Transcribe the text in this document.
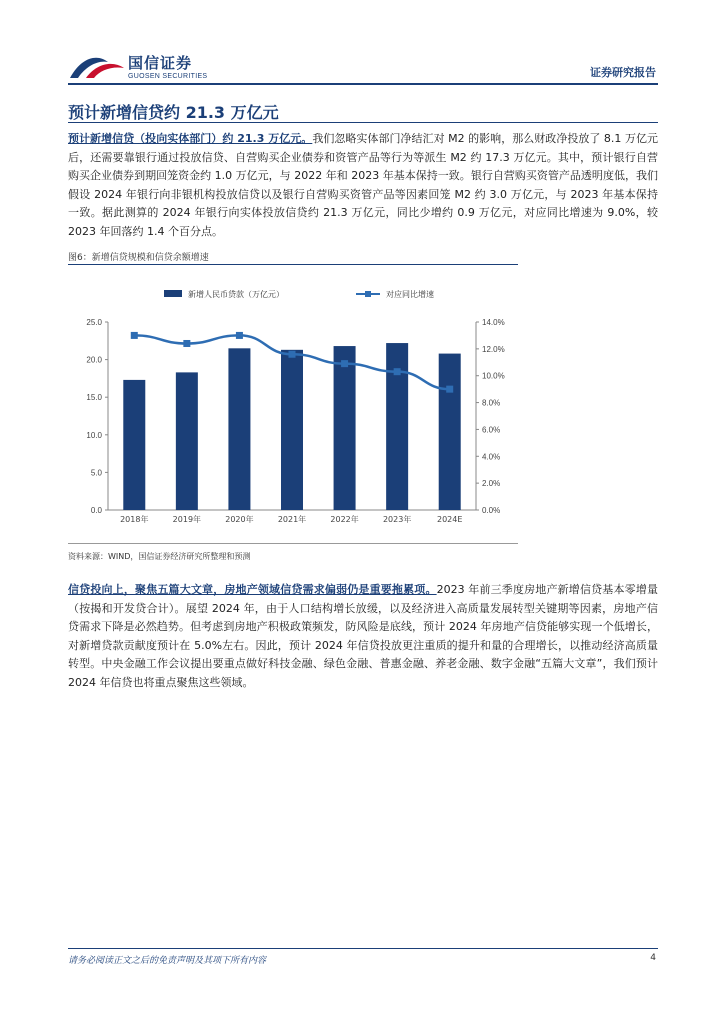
国信证券
GUOSEN SECURITIES	证券研究报告
预计新增信贷约 21.3 万亿元
预计新增信贷（投向实体部门）约 21.3 万亿元。我们忽略实体部门净结汇对 M2 的影响，那么财政净投放了 8.1 万亿元后，还需要靠银行通过投放信贷、自营购买企业债券和资管产品等行为等派生 M2 约 17.3 万亿元。其中，预计银行自营购买企业债券到期回笼资金约 1.0 万亿元，与 2022 年和 2023 年基本保持一致。银行自营购买资管产品透明度低，我们假设 2024 年银行向非银机构投放信贷以及银行自营购买资管产品等因素回笼 M2 约 3.0 万亿元，与 2023 年基本保持一致。据此测算的 2024 年银行向实体投放信贷约 21.3 万亿元，同比少增约 0.9 万亿元，对应同比增速为 9.0%，较 2023 年回落约 1.4 个百分点。
图6：新增信贷规模和信贷余额增速
0.0
5.0
10.0
15.0
20.0
25.0
0.0%
2.0%
4.0%
6.0%
8.0%
10.0%
12.0%
14.0%
2018年	2019年	2020年	2021年	2022年	2023年	2024E
新增人民币贷款（万亿元）	对应同比增速
资料来源：WIND，国信证券经济研究所整理和预测
信贷投向上，聚焦五篇大文章，房地产领域信贷需求偏弱仍是重要拖累项。2023 年前三季度房地产新增信贷基本零增量（按揭和开发贷合计）。展望 2024 年，由于人口结构增长放缓，以及经济进入高质量发展转型关键期等因素，房地产信贷需求下降是必然趋势。但考虑到房地产积极政策频发，防风险是底线，预计 2024 年房地产信贷能够实现一个低增长，对新增贷款贡献度预计在 5.0%左右。因此，预计 2024 年信贷投放更注重质的提升和量的合理增长，以推动经济高质量转型。中央金融工作会议提出要重点做好科技金融、绿色金融、普惠金融、养老金融、数字金融“五篇大文章”，我们预计 2024 年信贷也将重点聚焦这些领域。
请务必阅读正文之后的免责声明及其项下所有内容	4
